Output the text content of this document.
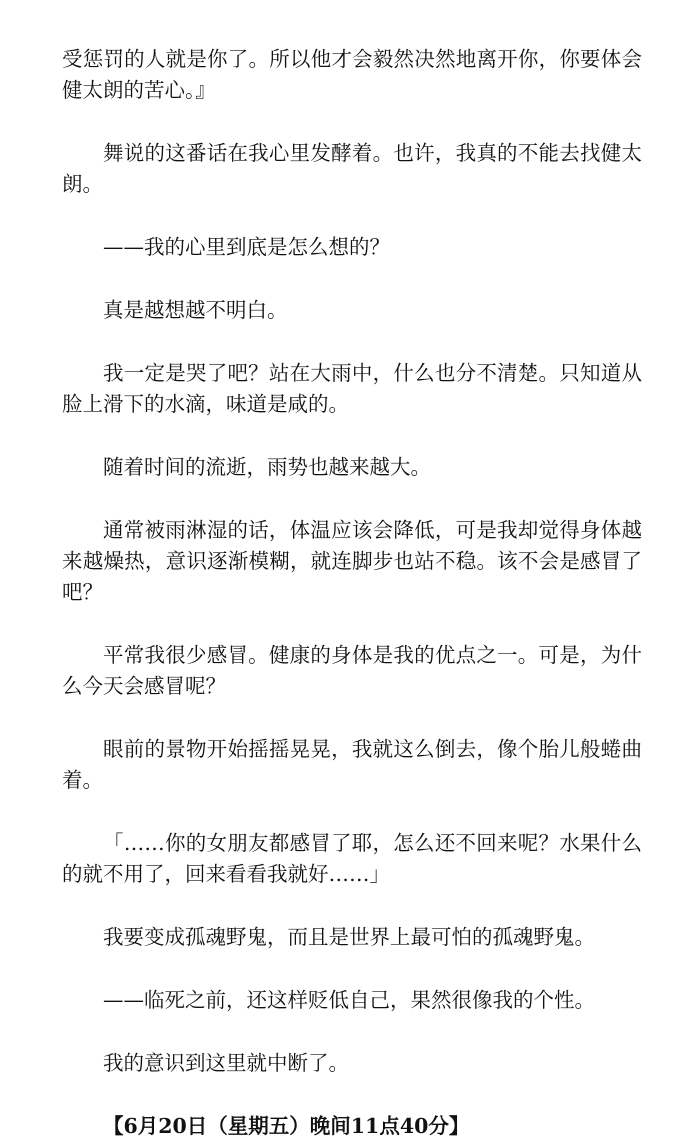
受惩罚的人就是你了。所以他才会毅然决然地离开你，你要体会健太朗的苦心。』

舞说的这番话在我心里发酵着。也许，我真的不能去找健太朗。

——我的心里到底是怎么想的？

真是越想越不明白。

我一定是哭了吧？站在大雨中，什么也分不清楚。只知道从脸上滑下的水滴，味道是咸的。

随着时间的流逝，雨势也越来越大。

通常被雨淋湿的话，体温应该会降低，可是我却觉得身体越来越燥热，意识逐渐模糊，就连脚步也站不稳。该不会是感冒了吧？

平常我很少感冒。健康的身体是我的优点之一。可是，为什么今天会感冒呢？

眼前的景物开始摇摇晃晃，我就这么倒去，像个胎儿般蜷曲着。

「……你的女朋友都感冒了耶，怎么还不回来呢？水果什么的就不用了，回来看看我就好……」

我要变成孤魂野鬼，而且是世界上最可怕的孤魂野鬼。

——临死之前，还这样贬低自己，果然很像我的个性。

我的意识到这里就中断了。

【6月20日（星期五）晚间11点40分】
